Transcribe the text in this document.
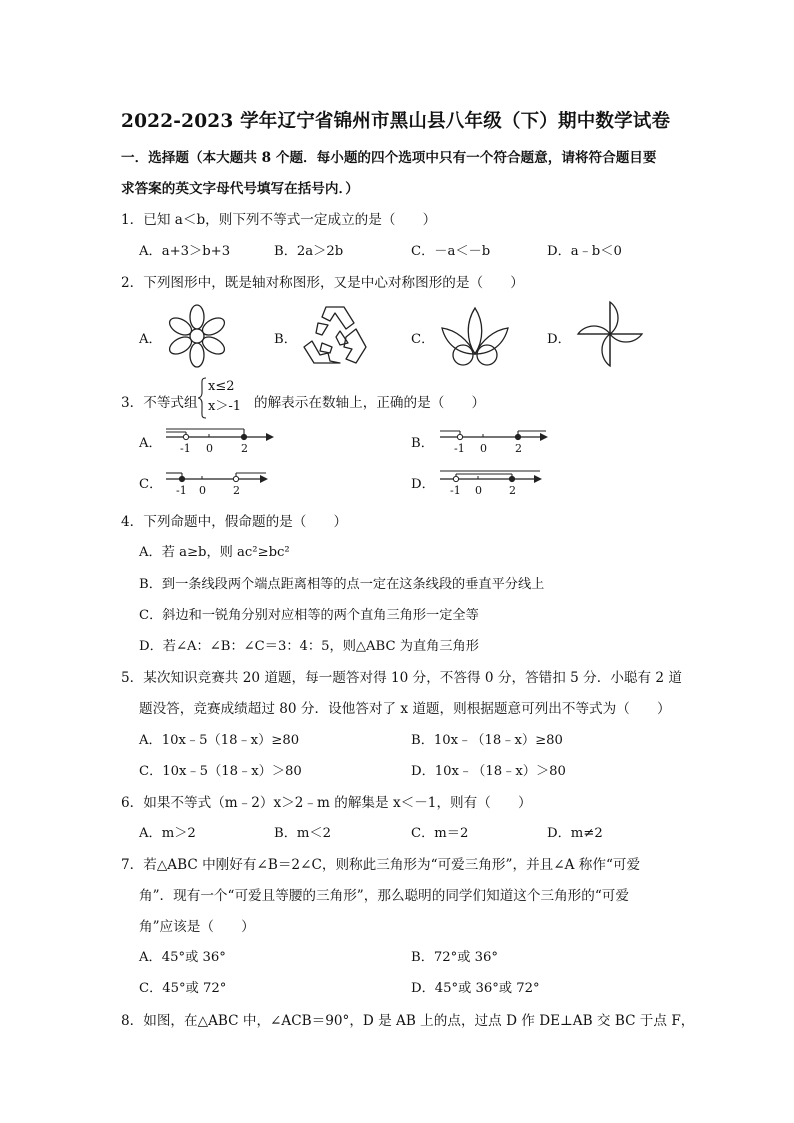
2022-2023 学年辽宁省锦州市黑山县八年级（下）期中数学试卷
一．选择题（本大题共 8 个题．每小题的四个选项中只有一个符合题意，请将符合题目要
求答案的英文字母代号填写在括号内．）
1．已知 a＜b，则下列不等式一定成立的是（　　）
A．a+3＞b+3	B．2a＞2b	C．－a＜－b	D．a﹣b＜0
2．下列图形中，既是轴对称图形，又是中心对称图形的是（　　）
A．	B．	C．	D．
3．不等式组
x≤2
x＞-1 的解表示在数轴上，正确的是（　　）
A．	B．
C．	D．
-1 0	2	-1 0	2
-1 0 2	-1 0 2
4．下列命题中，假命题的是（　　）
A．若 a≥b，则 ac²≥bc²
B．到一条线段两个端点距离相等的点一定在这条线段的垂直平分线上
C．斜边和一锐角分别对应相等的两个直角三角形一定全等
D．若∠A：∠B：∠C＝3：4：5，则△ABC 为直角三角形
5．某次知识竞赛共 20 道题，每一题答对得 10 分，不答得 0 分，答错扣 5 分．小聪有 2 道
题没答，竞赛成绩超过 80 分．设他答对了 x 道题，则根据题意可列出不等式为（　　）
A．10x﹣5（18﹣x）≥80	B．10x﹣（18﹣x）≥80
C．10x﹣5（18﹣x）＞80	D．10x﹣（18﹣x）＞80
6．如果不等式（m﹣2）x＞2﹣m 的解集是 x＜－1，则有（　　）
A．m＞2	B．m＜2	C．m＝2	D．m≠2
7．若△ABC 中刚好有∠B＝2∠C，则称此三角形为“可爱三角形”，并且∠A 称作“可爱
角”．现有一个“可爱且等腰的三角形”，那么聪明的同学们知道这个三角形的“可爱
角”应该是（　　）
A．45°或 36°	B．72°或 36°
C．45°或 72°	D．45°或 36°或 72°
8．如图，在△ABC 中，∠ACB＝90°，D 是 AB 上的点，过点 D 作 DE⊥AB 交 BC 于点 F，
